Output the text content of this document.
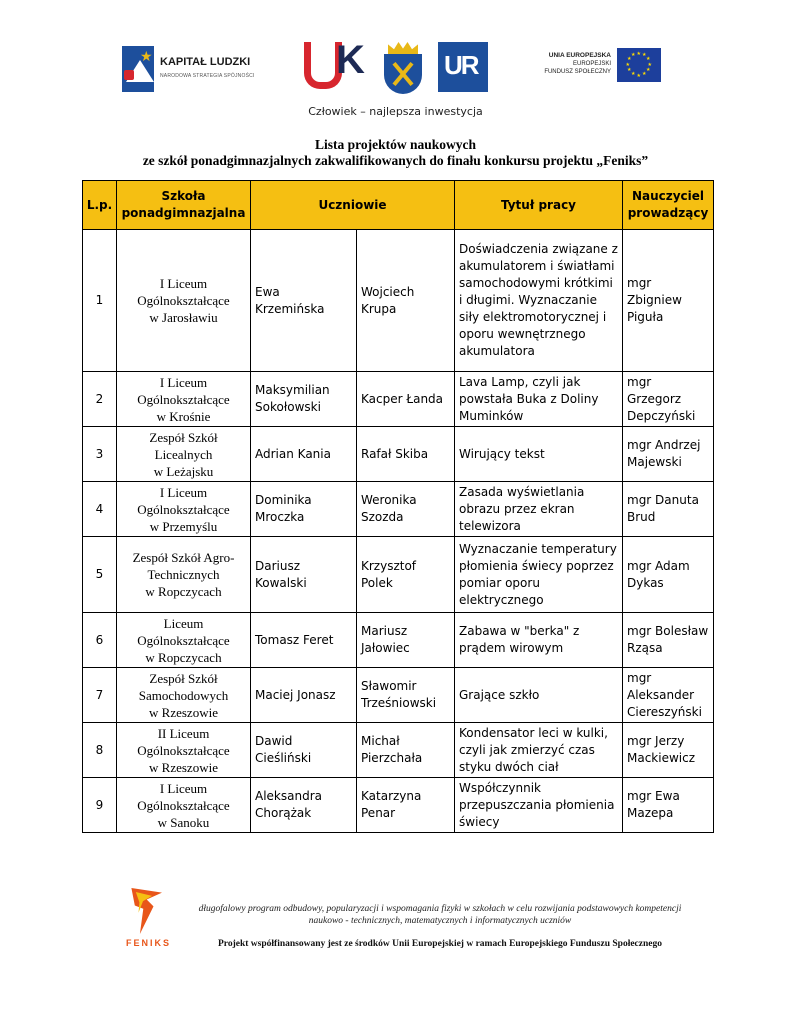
★ KAPITAŁ LUDZKI
NARODOWA STRATEGIA SPÓJNOŚCI K	UR	UNIA EUROPEJSKA
EUROPEJSKI
FUNDUSZ SPOŁECZNY
★
★
★
★
★
★
★
★
★ ★ ★
★
Człowiek – najlepsza inwestycja
Lista projektów naukowych
ze szkół ponadgimnazjalnych zakwalifikowanych do finału konkursu projektu „Feniks”
L.p.	Szkoła ponadgimnazjalna	Uczniowie		Tytuł pracy	Nauczyciel prowadzący
1	I Liceum
Ogólnokształcące
w Jarosławiu	Ewa Krzemińska	Wojciech Krupa	Doświadczenia związane z akumulatorem i światłami samochodowymi krótkimi i długimi. Wyznaczanie siły elektromotorycznej i oporu wewnętrznego akumulatora	mgr Zbigniew Piguła
2	I Liceum
Ogólnokształcące
w Krośnie	Maksymilian Sokołowski	Kacper Łanda	Lava Lamp, czyli jak powstała Buka z Doliny Muminków	mgr Grzegorz Depczyński
3	Zespół Szkół
Licealnych
w Leżajsku	Adrian Kania	Rafał Skiba	Wirujący tekst	mgr Andrzej Majewski
4	I Liceum
Ogólnokształcące
w Przemyślu	Dominika Mroczka	Weronika Szozda	Zasada wyświetlania obrazu przez ekran telewizora	mgr Danuta Brud
5	Zespół Szkół Agro-
Technicznych
w Ropczycach	Dariusz Kowalski	Krzysztof Polek	Wyznaczanie temperatury płomienia świecy poprzez pomiar oporu elektrycznego	mgr Adam Dykas
6	Liceum
Ogólnokształcące
w Ropczycach	Tomasz Feret	Mariusz Jałowiec	Zabawa w "berka" z prądem wirowym	mgr Bolesław Rząsa
7	Zespół Szkół
Samochodowych
w Rzeszowie	Maciej Jonasz	Sławomir Trześniowski	Grające szkło	mgr Aleksander Ciereszyński
8	II Liceum
Ogólnokształcące
w Rzeszowie	Dawid Cieśliński	Michał Pierzchała	Kondensator leci w kulki, czyli jak zmierzyć czas styku dwóch ciał	mgr Jerzy Mackiewicz
9	I Liceum
Ogólnokształcące
w Sanoku	Aleksandra Chorążak	Katarzyna Penar	Współczynnik przepuszczania płomienia świecy	mgr Ewa Mazepa
FENIKS
długofalowy program odbudowy, popularyzacji i wspomagania fizyki w szkołach w celu rozwijania podstawowych kompetencji naukowo - technicznych, matematycznych i informatycznych uczniów
Projekt współfinansowany jest ze środków Unii Europejskiej w ramach Europejskiego Funduszu Społecznego
